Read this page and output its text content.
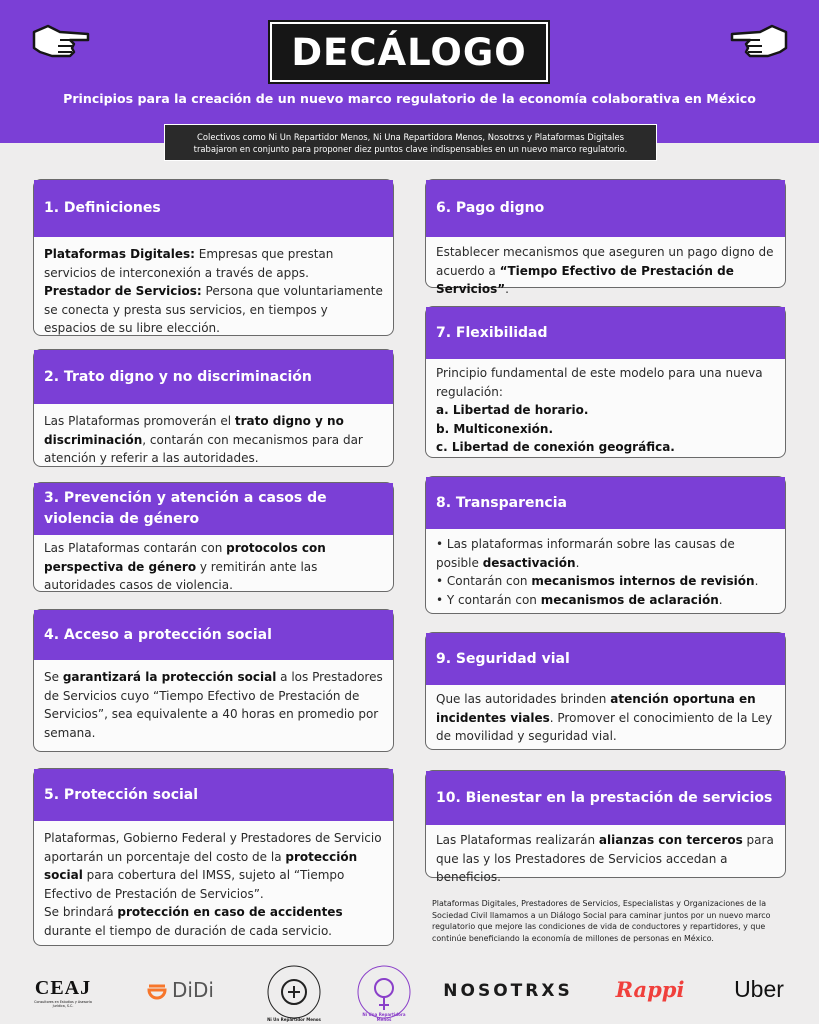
DECÁLOGO
Principios para la creación de un nuevo marco regulatorio de la economía colaborativa en México
Colectivos como Ni Un Repartidor Menos, Ni Una Repartidora Menos, Nosotrxs y Plataformas Digitales
trabajaron en conjunto para proponer diez puntos clave indispensables en un nuevo marco regulatorio.
1. Definiciones
Plataformas Digitales: Empresas que prestan servicios de interconexión a través de apps.
Prestador de Servicios: Persona que voluntariamente se conecta y presta sus servicios, en tiempos y espacios de su libre elección.
2. Trato digno y no discriminación
Las Plataformas promoverán el trato digno y no discriminación, contarán con mecanismos para dar atención y referir a las autoridades.
3. Prevención y atención a casos de
violencia de género
Las Plataformas contarán con protocolos con perspectiva de género y remitirán ante las autoridades casos de violencia.
4. Acceso a protección social
Se garantizará la protección social a los Prestadores de Servicios cuyo “Tiempo Efectivo de Prestación de Servicios”, sea equivalente a 40 horas en promedio por semana.
5. Protección social
Plataformas, Gobierno Federal y Prestadores de Servicio aportarán un porcentaje del costo de la protección social para cobertura del IMSS, sujeto al “Tiempo Efectivo de Prestación de Servicios”.
Se brindará protección en caso de accidentes durante el tiempo de duración de cada servicio.
6. Pago digno
Establecer mecanismos que aseguren un pago digno de acuerdo a “Tiempo Efectivo de Prestación de Servicios”.
7. Flexibilidad
Principio fundamental de este modelo para una nueva regulación:

a. Libertad de horario.
b. Multiconexión.
c. Libertad de conexión geográfica.
8. Transparencia
• Las plataformas informarán sobre las causas de posible desactivación.
• Contarán con mecanismos internos de revisión.
• Y contarán con mecanismos de aclaración.
9. Seguridad vial
Que las autoridades brinden atención oportuna en incidentes viales. Promover el conocimiento de la Ley de movilidad y seguridad vial.
10. Bienestar en la prestación de servicios
Las Plataformas realizarán alianzas con terceros para que las y los Prestadores de Servicios accedan a beneficios.
Plataformas Digitales, Prestadores de Servicios, Especialistas y Organizaciones de la Sociedad Civil llamamos a un Diálogo Social para caminar juntos por un nuevo marco regulatorio que mejore las condiciones de vida de conductores y repartidores, y que continúe beneficiando la economía de millones de personas en México.
CEAJ
Consultores en Estudios y Asesoría Jurídica, S.C.
DiDi
Ni Un Repartidor Menos
Ni Una Repartidora Menos
NOSOTRXS Rappi Uber
